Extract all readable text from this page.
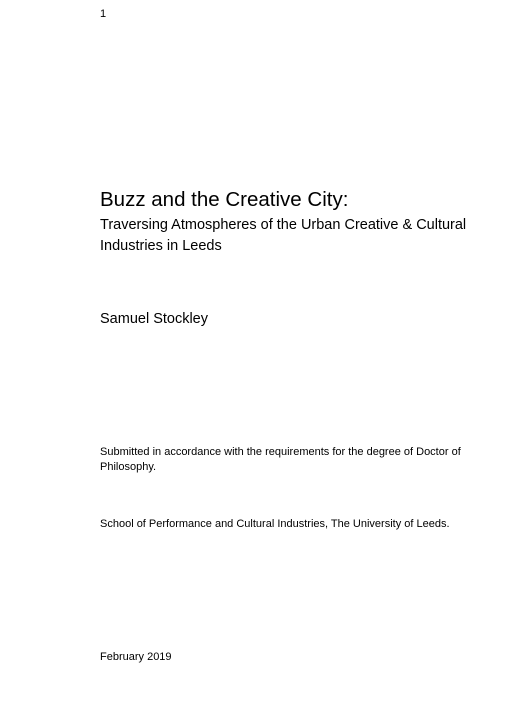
1
Buzz and the Creative City:
Traversing Atmospheres of the Urban Creative & Cultural Industries in Leeds
Samuel Stockley
Submitted in accordance with the requirements for the degree of Doctor of Philosophy.
School of Performance and Cultural Industries, The University of Leeds.
February 2019
